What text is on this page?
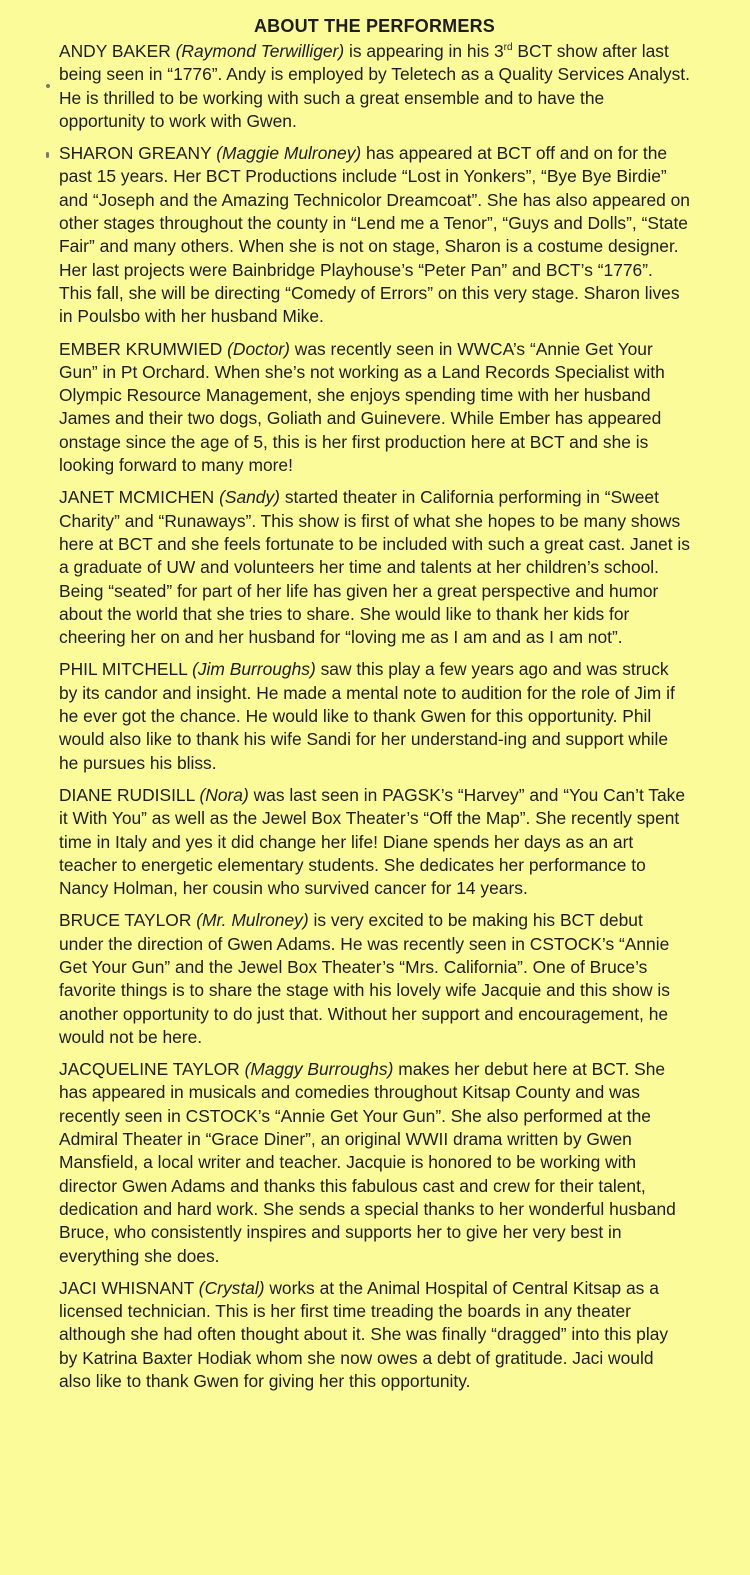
ABOUT THE PERFORMERS

ANDY BAKER (Raymond Terwilliger) is appearing in his 3rd BCT show after last being seen in “1776”. Andy is employed by Teletech as a Quality Services Analyst. He is thrilled to be working with such a great ensemble and to have the opportunity to work with Gwen.

SHARON GREANY (Maggie Mulroney) has appeared at BCT off and on for the past 15 years. Her BCT Productions include “Lost in Yonkers”, “Bye Bye Birdie” and “Joseph and the Amazing Technicolor Dreamcoat”. She has also appeared on other stages throughout the county in “Lend me a Tenor”, “Guys and Dolls”, “State Fair” and many others. When she is not on stage, Sharon is a costume designer. Her last projects were Bainbridge Playhouse’s “Peter Pan” and BCT’s “1776”. This fall, she will be directing “Comedy of Errors” on this very stage. Sharon lives in Poulsbo with her husband Mike.

EMBER KRUMWIED (Doctor) was recently seen in WWCA’s “Annie Get Your Gun” in Pt Orchard. When she’s not working as a Land Records Specialist with Olympic Resource Management, she enjoys spending time with her husband James and their two dogs, Goliath and Guinevere. While Ember has appeared onstage since the age of 5, this is her first production here at BCT and she is looking forward to many more!

JANET MCMICHEN (Sandy) started theater in California performing in “Sweet Charity” and “Runaways”. This show is first of what she hopes to be many shows here at BCT and she feels fortunate to be included with such a great cast. Janet is a graduate of UW and volunteers her time and talents at her children’s school. Being “seated” for part of her life has given her a great perspective and humor about the world that she tries to share. She would like to thank her kids for cheering her on and her husband for “loving me as I am and as I am not”.

PHIL MITCHELL (Jim Burroughs) saw this play a few years ago and was struck by its candor and insight. He made a mental note to audition for the role of Jim if he ever got the chance. He would like to thank Gwen for this opportunity. Phil would also like to thank his wife Sandi for her understand-ing and support while he pursues his bliss.

DIANE RUDISILL (Nora) was last seen in PAGSK’s “Harvey” and “You Can’t Take it With You” as well as the Jewel Box Theater’s “Off the Map”. She recently spent time in Italy and yes it did change her life! Diane spends her days as an art teacher to energetic elementary students. She dedicates her performance to Nancy Holman, her cousin who survived cancer for 14 years.

BRUCE TAYLOR (Mr. Mulroney) is very excited to be making his BCT debut under the direction of Gwen Adams. He was recently seen in CSTOCK’s “Annie Get Your Gun” and the Jewel Box Theater’s “Mrs. California”. One of Bruce’s favorite things is to share the stage with his lovely wife Jacquie and this show is another opportunity to do just that. Without her support and encouragement, he would not be here.

JACQUELINE TAYLOR (Maggy Burroughs) makes her debut here at BCT. She has appeared in musicals and comedies throughout Kitsap County and was recently seen in CSTOCK’s “Annie Get Your Gun”. She also performed at the Admiral Theater in “Grace Diner”, an original WWII drama written by Gwen Mansfield, a local writer and teacher. Jacquie is honored to be working with director Gwen Adams and thanks this fabulous cast and crew for their talent, dedication and hard work. She sends a special thanks to her wonderful husband Bruce, who consistently inspires and supports her to give her very best in everything she does.

JACI WHISNANT (Crystal) works at the Animal Hospital of Central Kitsap as a licensed technician. This is her first time treading the boards in any theater although she had often thought about it. She was finally “dragged” into this play by Katrina Baxter Hodiak whom she now owes a debt of gratitude. Jaci would also like to thank Gwen for giving her this opportunity.
